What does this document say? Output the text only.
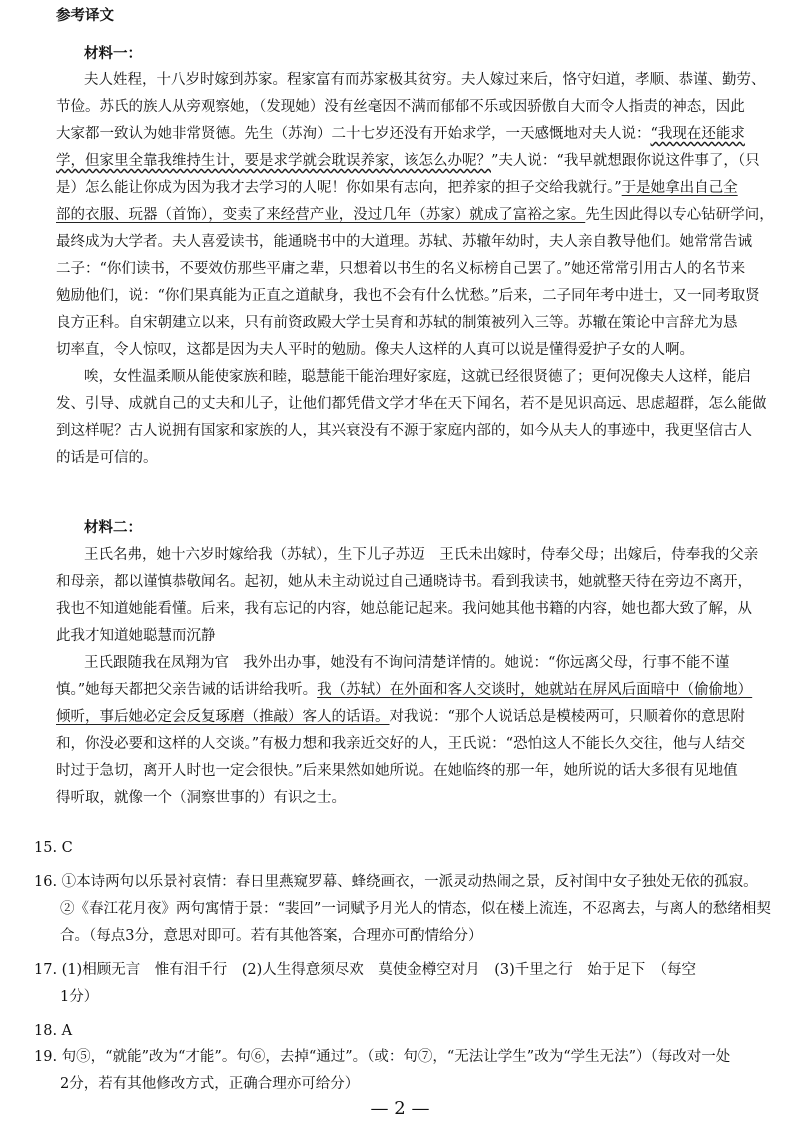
参考译文
材料一：
夫人姓程，十八岁时嫁到苏家。程家富有而苏家极其贫穷。夫人嫁过来后，恪守妇道，孝顺、恭谨、勤劳、
节俭。苏氏的族人从旁观察她，（发现她）没有丝毫因不满而郁郁不乐或因骄傲自大而令人指责的神态，因此
大家都一致认为她非常贤德。先生（苏洵）二十七岁还没有开始求学，一天感慨地对夫人说：“我现在还能求
学，但家里全靠我维持生计，要是求学就会耽误养家，该怎么办呢？”夫人说：“我早就想跟你说这件事了，（只
是）怎么能让你成为因为我才去学习的人呢！你如果有志向，把养家的担子交给我就行。”于是她拿出自己全
部的衣服、玩器（首饰），变卖了来经营产业，没过几年（苏家）就成了富裕之家。先生因此得以专心钻研学问，
最终成为大学者。夫人喜爱读书，能通晓书中的大道理。苏轼、苏辙年幼时，夫人亲自教导他们。她常常告诫
二子：“你们读书，不要效仿那些平庸之辈，只想着以书生的名义标榜自己罢了。”她还常常引用古人的名节来
勉励他们，说：“你们果真能为正直之道献身，我也不会有什么忧愁。”后来，二子同年考中进士，又一同考取贤
良方正科。自宋朝建立以来，只有前资政殿大学士吴育和苏轼的制策被列入三等。苏辙在策论中言辞尤为恳
切率直，令人惊叹，这都是因为夫人平时的勉励。像夫人这样的人真可以说是懂得爱护子女的人啊。
唉，女性温柔顺从能使家族和睦，聪慧能干能治理好家庭，这就已经很贤德了；更何况像夫人这样，能启
发、引导、成就自己的丈夫和儿子，让他们都凭借文学才华在天下闻名，若不是见识高远、思虑超群，怎么能做
到这样呢？古人说拥有国家和家族的人，其兴衰没有不源于家庭内部的，如今从夫人的事迹中，我更坚信古人
的话是可信的。
材料二：
王氏名弗，她十六岁时嫁给我（苏轼），生下儿子苏迈　王氏未出嫁时，侍奉父母；出嫁后，侍奉我的父亲
和母亲，都以谨慎恭敬闻名。起初，她从未主动说过自己通晓诗书。看到我读书，她就整天待在旁边不离开，
我也不知道她能看懂。后来，我有忘记的内容，她总能记起来。我问她其他书籍的内容，她也都大致了解，从
此我才知道她聪慧而沉静
王氏跟随我在凤翔为官　我外出办事，她没有不询问清楚详情的。她说：“你远离父母，行事不能不谨
慎。”她每天都把父亲告诫的话讲给我听。我（苏轼）在外面和客人交谈时，她就站在屏风后面暗中（偷偷地）
倾听，事后她必定会反复琢磨（推敲）客人的话语。对我说：“那个人说话总是模棱两可，只顺着你的意思附
和，你没必要和这样的人交谈。”有极力想和我亲近交好的人，王氏说：“恐怕这人不能长久交往，他与人结交
时过于急切，离开人时也一定会很快。”后来果然如她所说。在她临终的那一年，她所说的话大多很有见地值
得听取，就像一个（洞察世事的）有识之士。
15. C
16. ①本诗两句以乐景衬哀情：春日里燕窥罗幕、蜂绕画衣，一派灵动热闹之景，反衬闺中女子独处无依的孤寂。
②《春江花月夜》两句寓情于景：“裴回”一词赋予月光人的情态，似在楼上流连，不忍离去，与离人的愁绪相契
合。（每点3分，意思对即可。若有其他答案，合理亦可酌情给分）
17. (1)相顾无言　惟有泪千行　(2)人生得意须尽欢　莫使金樽空对月　(3)千里之行　始于足下　（每空
1分）
18. A
19. 句⑤，“就能”改为“才能”。句⑥，去掉“通过”。（或：句⑦，“无法让学生”改为“学生无法”）（每改对一处
2分，若有其他修改方式，正确合理亦可给分）
— 2 —
